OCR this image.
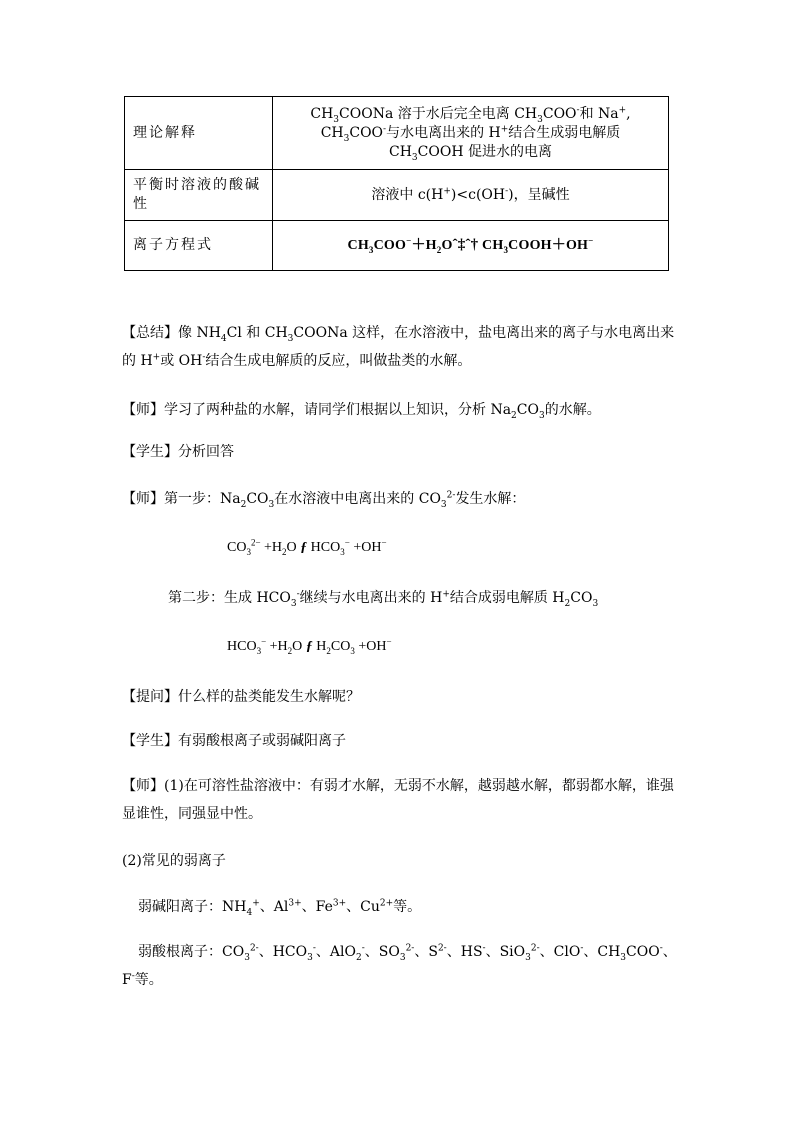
理论解释	$CH_3COONa$ 溶于水后完全电离 $CH_3COO^-$和 Na+,
$CH_3COO^-$与水电离出来的 H+结合生成弱电解质
$CH_3COOH$ 促进水的电离

平衡时溶液的酸碱性	溶液中 c(H+)<c(OH-)，呈碱性
离子方程式	$CH_3COO^-+H_2Oˆ\ddagger ˆ\dagger$ $CH_3COOH+OH^-$
【总结】像 $NH_4Cl$ 和 $CH_3COONa$ 这样，在水溶液中，盐电离出来的离子与水电离出来的 H+或 OH-结合生成电解质的反应，叫做盐类的水解。
【师】学习了两种盐的水解，请同学们根据以上知识，分析 $Na_2CO_3$的水解。
【学生】分析回答
【师】第一步：$Na_2CO_3$在水溶液中电离出来的 $CO_3^{2-}$发生水解：
$CO_3^{2-} +H_2O$ ƒ $HCO_3^- +OH^-$
第二步：生成 $HCO_3^-$继续与水电离出来的 H+结合成弱电解质 $H_2CO_3$
$HCO_3^- +H_2O$ ƒ $H_2CO_3 +OH^-$
【提问】什么样的盐类能发生水解呢？
【学生】有弱酸根离子或弱碱阳离子
【师】(1)在可溶性盐溶液中：有弱才水解，无弱不水解，越弱越水解，都弱都水解，谁强显谁性，同强显中性。
(2)常见的弱离子
弱碱阳离子：$NH_4^+$、$Al^{3+}$、$Fe^{3+}$、$Cu^{2+}$等。
弱酸根离子：$CO_3^{2-}$、$HCO_3^-$、AlO$_2$-、$SO_3^{2-}$、$S^{2-}$、HS-、SiO$_3^{2-}$、ClO-、$CH_3COO^-$、F-等。
